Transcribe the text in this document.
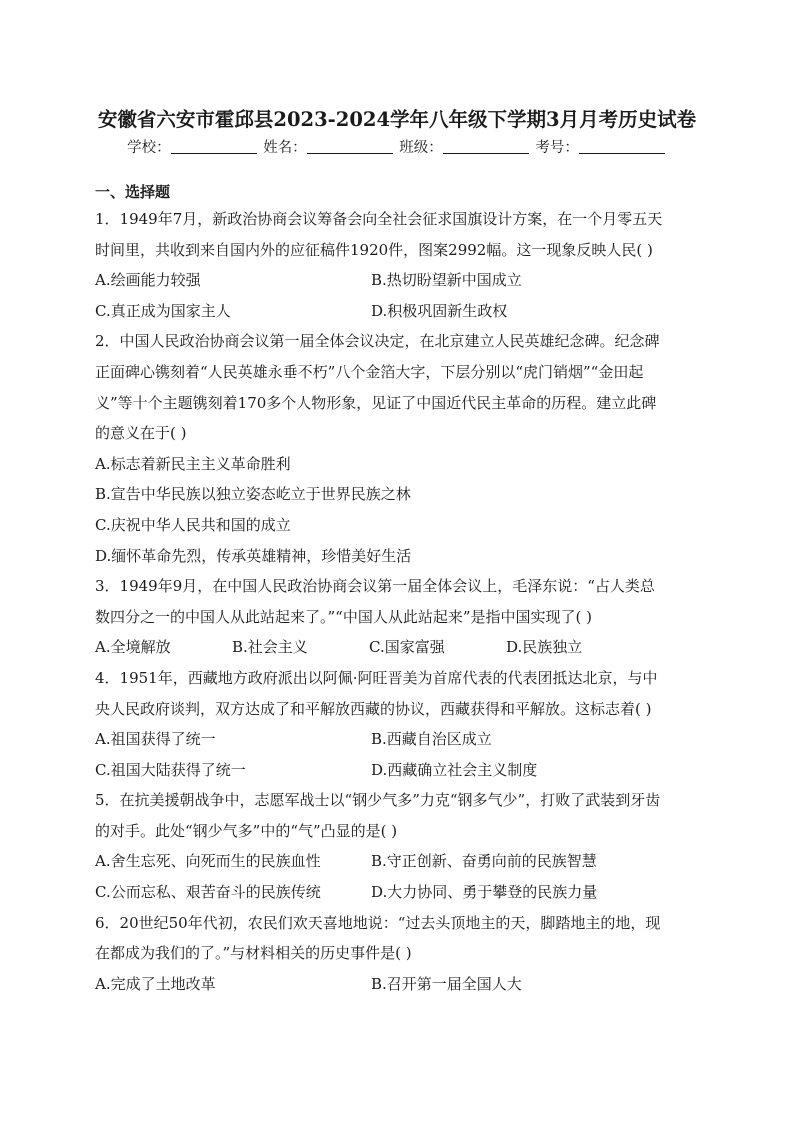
安徽省六安市霍邱县2023-2024学年八年级下学期3月月考历史试卷
学校：	姓名：	班级：	考号：
一、选择题
1．1949年7月，新政治协商会议筹备会向全社会征求国旗设计方案，在一个月零五天
时间里，共收到来自国内外的应征稿件1920件，图案2992幅。这一现象反映人民( )
A.绘画能力较强	B.热切盼望新中国成立
C.真正成为国家主人	D.积极巩固新生政权
2．中国人民政治协商会议第一届全体会议决定，在北京建立人民英雄纪念碑。纪念碑
正面碑心镌刻着“人民英雄永垂不朽”八个金箔大字，下层分别以“虎门销烟”“金田起
义”等十个主题镌刻着170多个人物形象，见证了中国近代民主革命的历程。建立此碑
的意义在于( )
A.标志着新民主主义革命胜利
B.宣告中华民族以独立姿态屹立于世界民族之林
C.庆祝中华人民共和国的成立
D.缅怀革命先烈，传承英雄精神，珍惜美好生活
3．1949年9月，在中国人民政治协商会议第一届全体会议上，毛泽东说：“占人类总
数四分之一的中国人从此站起来了。”“中国人从此站起来”是指中国实现了( )
A.全境解放	B.社会主义	C.国家富强	D.民族独立
4．1951年，西藏地方政府派出以阿佩·阿旺晋美为首席代表的代表团抵达北京，与中
央人民政府谈判，双方达成了和平解放西藏的协议，西藏获得和平解放。这标志着( )
A.祖国获得了统一	B.西藏自治区成立
C.祖国大陆获得了统一	D.西藏确立社会主义制度
5．在抗美援朝战争中，志愿军战士以“钢少气多”力克“钢多气少”，打败了武装到牙齿
的对手。此处“钢少气多”中的“气”凸显的是( )
A.舍生忘死、向死而生的民族血性	B.守正创新、奋勇向前的民族智慧
C.公而忘私、艰苦奋斗的民族传统	D.大力协同、勇于攀登的民族力量
6．20世纪50年代初，农民们欢天喜地地说：“过去头顶地主的天，脚踏地主的地，现
在都成为我们的了。”与材料相关的历史事件是( )
A.完成了土地改革	B.召开第一届全国人大
